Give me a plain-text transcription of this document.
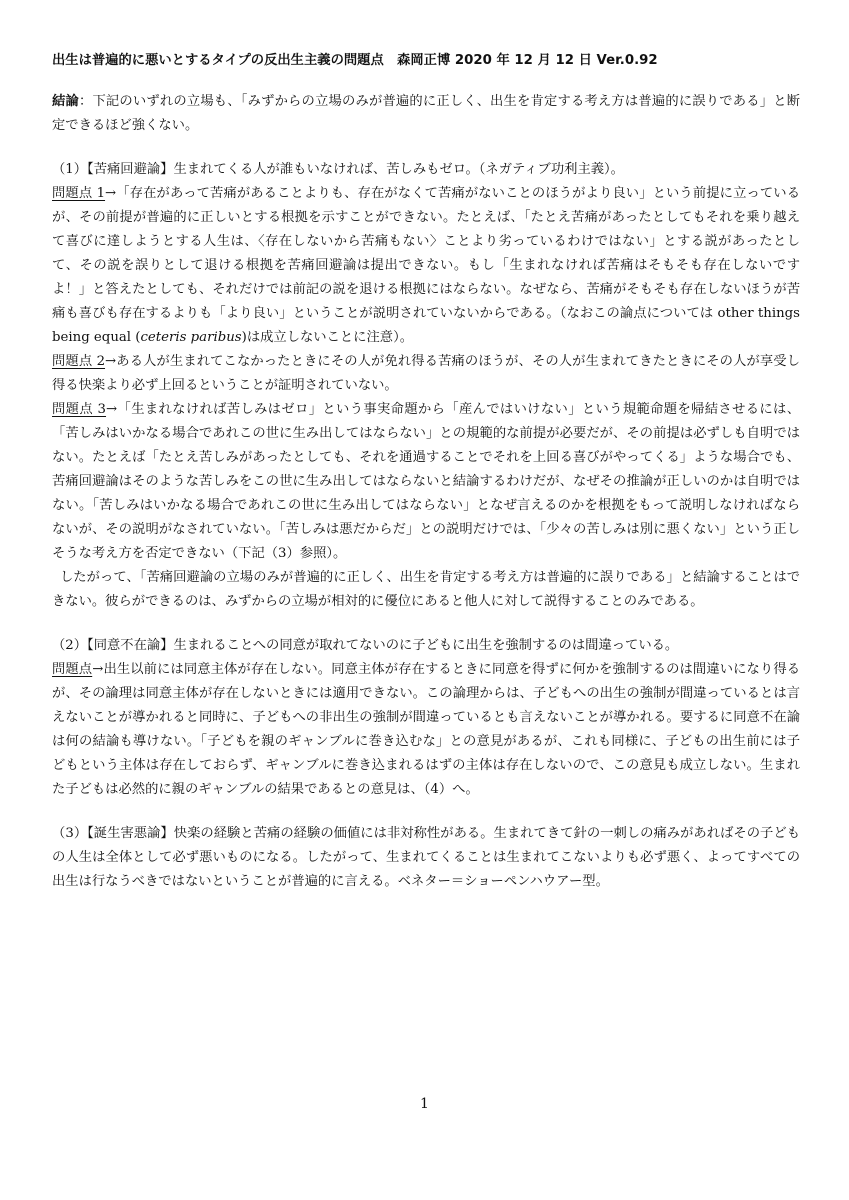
出生は普遍的に悪いとするタイプの反出生主義の問題点　森岡正博 2020 年 12 月 12 日 Ver.0.92

結論：下記のいずれの立場も、「みずからの立場のみが普遍的に正しく、出生を肯定する考え方は普遍的に誤りである」と断定できるほど強くない。

（1）【苦痛回避論】生まれてくる人が誰もいなければ、苦しみもゼロ。（ネガティブ功利主義）。

問題点 1→「存在があって苦痛があることよりも、存在がなくて苦痛がないことのほうがより良い」という前提に立っているが、その前提が普遍的に正しいとする根拠を示すことができない。たとえば、「たとえ苦痛があったとしてもそれを乗り越えて喜びに達しようとする人生は、〈存在しないから苦痛もない〉ことより劣っているわけではない」とする説があったとして、その説を誤りとして退ける根拠を苦痛回避論は提出できない。もし「生まれなければ苦痛はそもそも存在しないですよ！」と答えたとしても、それだけでは前記の説を退ける根拠にはならない。なぜなら、苦痛がそもそも存在しないほうが苦痛も喜びも存在するよりも「より良い」ということが説明されていないからである。（なおこの論点については other things being equal (ceteris paribus)は成立しないことに注意）。

問題点 2→ある人が生まれてこなかったときにその人が免れ得る苦痛のほうが、その人が生まれてきたときにその人が享受し得る快楽より必ず上回るということが証明されていない。

問題点 3→「生まれなければ苦しみはゼロ」という事実命題から「産んではいけない」という規範命題を帰結させるには、「苦しみはいかなる場合であれこの世に生み出してはならない」との規範的な前提が必要だが、その前提は必ずしも自明ではない。たとえば「たとえ苦しみがあったとしても、それを通過することでそれを上回る喜びがやってくる」ような場合でも、苦痛回避論はそのような苦しみをこの世に生み出してはならないと結論するわけだが、なぜその推論が正しいのかは自明ではない。「苦しみはいかなる場合であれこの世に生み出してはならない」となぜ言えるのかを根拠をもって説明しなければならないが、その説明がなされていない。「苦しみは悪だからだ」との説明だけでは、「少々の苦しみは別に悪くない」という正しそうな考え方を否定できない（下記（3）参照）。

したがって、「苦痛回避論の立場のみが普遍的に正しく、出生を肯定する考え方は普遍的に誤りである」と結論することはできない。彼らができるのは、みずからの立場が相対的に優位にあると他人に対して説得することのみである。

（2）【同意不在論】生まれることへの同意が取れてないのに子どもに出生を強制するのは間違っている。

問題点→出生以前には同意主体が存在しない。同意主体が存在するときに同意を得ずに何かを強制するのは間違いになり得るが、その論理は同意主体が存在しないときには適用できない。この論理からは、子どもへの出生の強制が間違っているとは言えないことが導かれると同時に、子どもへの非出生の強制が間違っているとも言えないことが導かれる。要するに同意不在論は何の結論も導けない。「子どもを親のギャンブルに巻き込むな」との意見があるが、これも同様に、子どもの出生前には子どもという主体は存在しておらず、ギャンブルに巻き込まれるはずの主体は存在しないので、この意見も成立しない。生まれた子どもは必然的に親のギャンブルの結果であるとの意見は、（4）へ。

（3）【誕生害悪論】快楽の経験と苦痛の経験の価値には非対称性がある。生まれてきて針の一刺しの痛みがあればその子どもの人生は全体として必ず悪いものになる。したがって、生まれてくることは生まれてこないよりも必ず悪く、よってすべての出生は行なうべきではないということが普遍的に言える。ベネター＝ショーペンハウアー型。

1
